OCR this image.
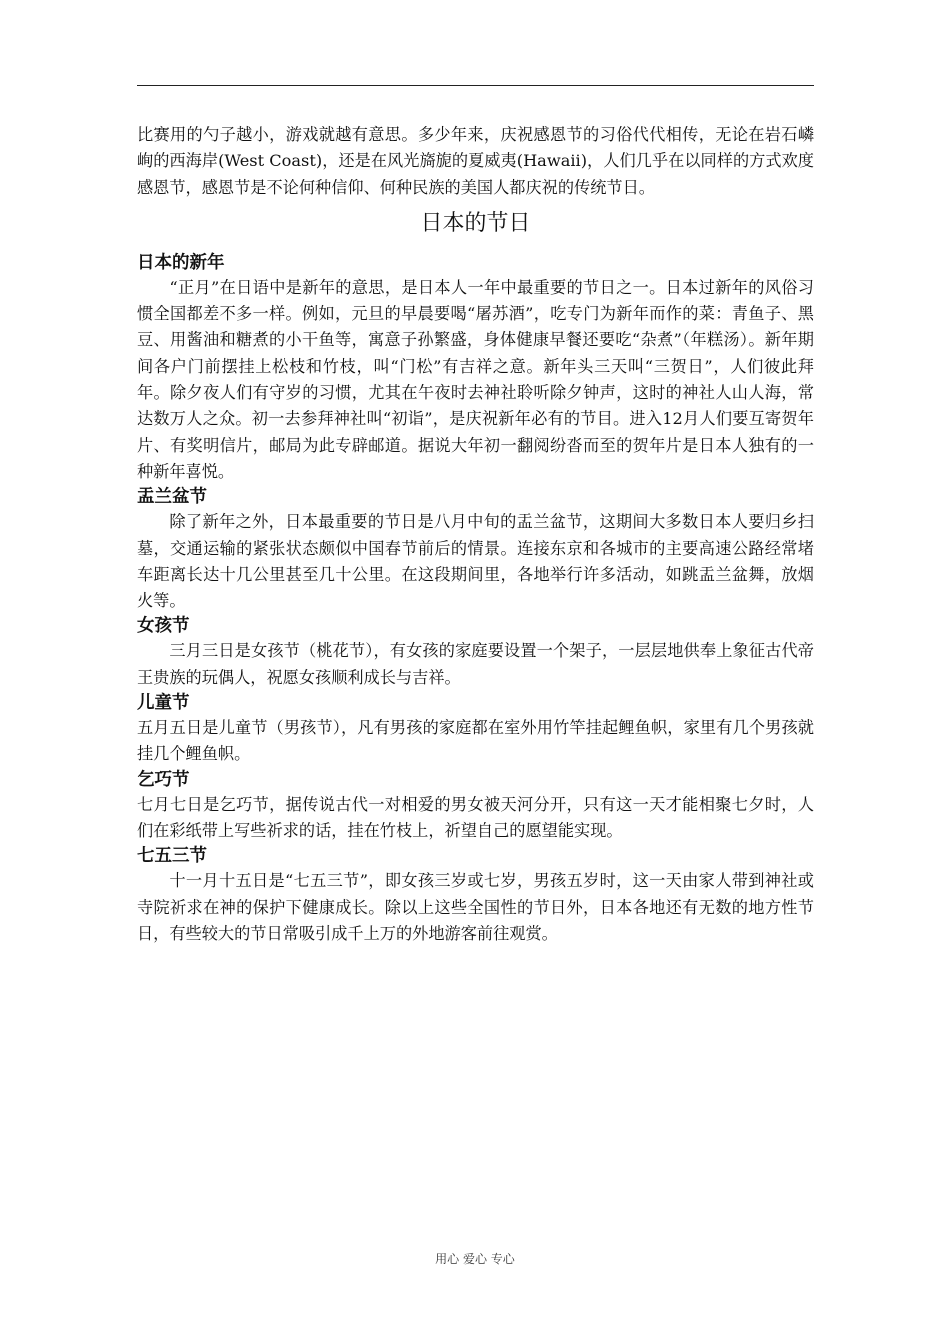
比赛用的勺子越小，游戏就越有意思。多少年来，庆祝感恩节的习俗代代相传，无论在岩石嶙峋的西海岸(West Coast)，还是在风光旖旎的夏威夷(Hawaii)，人们几乎在以同样的方式欢度感恩节，感恩节是不论何种信仰、何种民族的美国人都庆祝的传统节日。

日本的节日
日本的新年

“正月”在日语中是新年的意思，是日本人一年中最重要的节日之一。日本过新年的风俗习惯全国都差不多一样。例如，元旦的早晨要喝“屠苏酒”，吃专门为新年而作的菜：青鱼子、黑豆、用酱油和糖煮的小干鱼等，寓意子孙繁盛，身体健康早餐还要吃“杂煮”（年糕汤）。新年期间各户门前摆挂上松枝和竹枝，叫“门松”有吉祥之意。新年头三天叫“三贺日”，人们彼此拜年。除夕夜人们有守岁的习惯，尤其在午夜时去神社聆听除夕钟声，这时的神社人山人海，常达数万人之众。初一去参拜神社叫“初诣”，是庆祝新年必有的节目。进入12月人们要互寄贺年片、有奖明信片，邮局为此专辟邮道。据说大年初一翻阅纷沓而至的贺年片是日本人独有的一种新年喜悦。

盂兰盆节

除了新年之外，日本最重要的节日是八月中旬的盂兰盆节，这期间大多数日本人要归乡扫墓，交通运输的紧张状态颇似中国春节前后的情景。连接东京和各城市的主要高速公路经常堵车距离长达十几公里甚至几十公里。在这段期间里，各地举行许多活动，如跳盂兰盆舞，放烟火等。

女孩节

三月三日是女孩节（桃花节），有女孩的家庭要设置一个架子，一层层地供奉上象征古代帝王贵族的玩偶人，祝愿女孩顺利成长与吉祥。

儿童节

五月五日是儿童节（男孩节），凡有男孩的家庭都在室外用竹竿挂起鲤鱼帜，家里有几个男孩就挂几个鲤鱼帜。

乞巧节

七月七日是乞巧节，据传说古代一对相爱的男女被天河分开，只有这一天才能相聚七夕时，人们在彩纸带上写些祈求的话，挂在竹枝上，祈望自己的愿望能实现。

七五三节

十一月十五日是“七五三节”，即女孩三岁或七岁，男孩五岁时，这一天由家人带到神社或寺院祈求在神的保护下健康成长。除以上这些全国性的节日外，日本各地还有无数的地方性节日，有些较大的节日常吸引成千上万的外地游客前往观赏。

用心 爱心 专心
